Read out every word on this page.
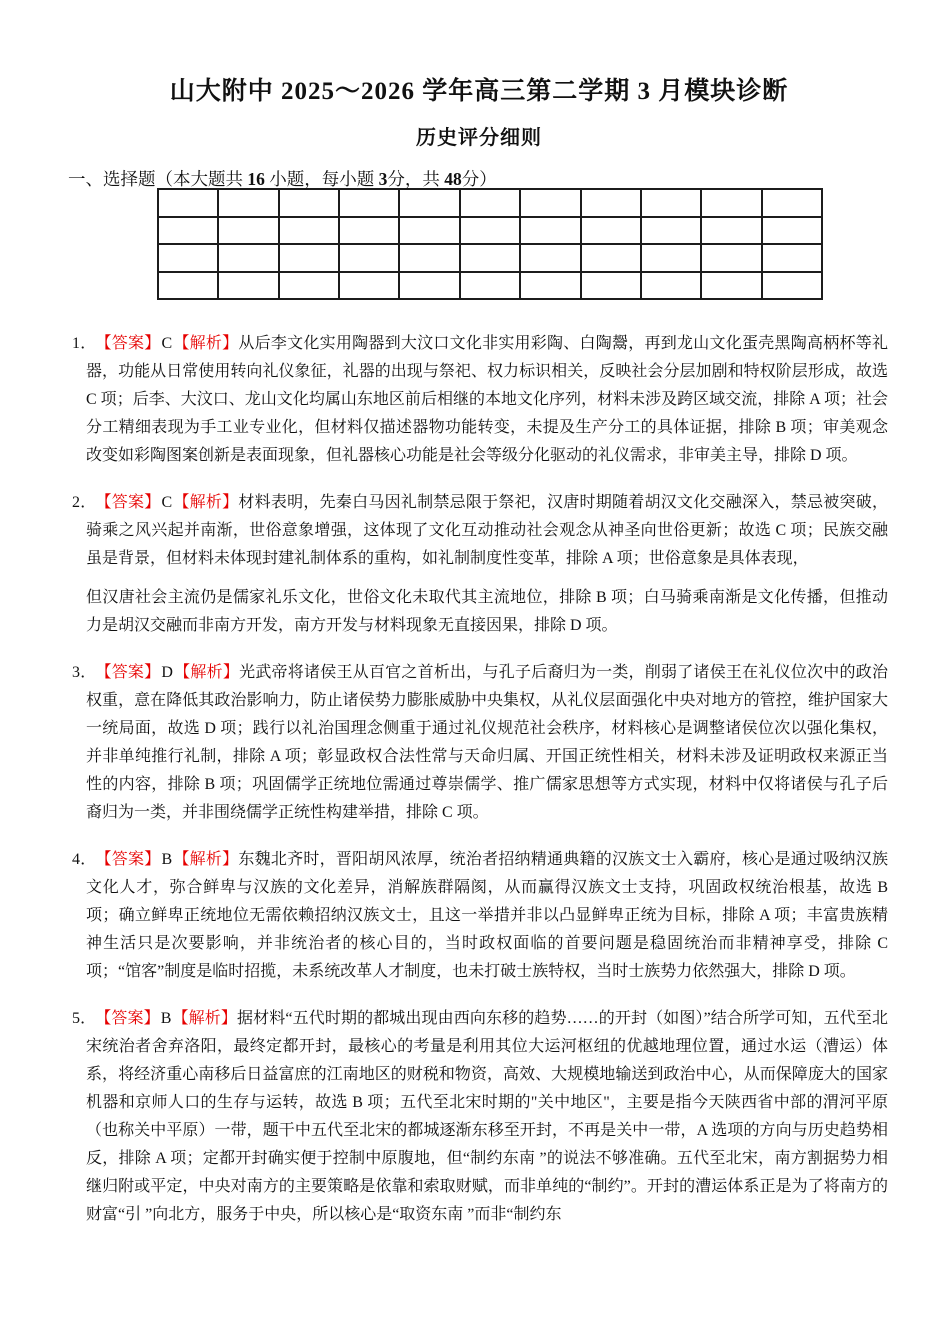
山大附中 2025～2026 学年高三第二学期 3 月模块诊断
历史评分细则
一、选择题（本大题共 16 小题，每小题 3分，共 48分）

1． 【答案】C【解析】从后李文化实用陶器到大汶口文化非实用彩陶、白陶鬶，再到龙山文化蛋壳黑陶高柄杯等礼器，功能从日常使用转向礼仪象征，礼器的出现与祭祀、权力标识相关，反映社会分层加剧和特权阶层形成，故选 C 项；后李、大汶口、龙山文化均属山东地区前后相继的本地文化序列，材料未涉及跨区域交流，排除 A 项；社会分工精细表现为手工业专业化，但材料仅描述器物功能转变，未提及生产分工的具体证据，排除 B 项；审美观念改变如彩陶图案创新是表面现象，但礼器核心功能是社会等级分化驱动的礼仪需求，非审美主导，排除 D 项。

2． 【答案】C【解析】材料表明，先秦白马因礼制禁忌限于祭祀，汉唐时期随着胡汉文化交融深入，禁忌被突破，骑乘之风兴起并南渐，世俗意象增强，这体现了文化互动推动社会观念从神圣向世俗更新；故选 C 项；民族交融虽是背景，但材料未体现封建礼制体系的重构，如礼制制度性变革，排除 A 项；世俗意象是具体表现，

但汉唐社会主流仍是儒家礼乐文化，世俗文化未取代其主流地位，排除 B 项；白马骑乘南渐是文化传播，但推动力是胡汉交融而非南方开发，南方开发与材料现象无直接因果，排除 D 项。

3． 【答案】D【解析】光武帝将诸侯王从百官之首析出，与孔子后裔归为一类，削弱了诸侯王在礼仪位次中的政治权重，意在降低其政治影响力，防止诸侯势力膨胀威胁中央集权，从礼仪层面强化中央对地方的管控，维护国家大一统局面，故选 D 项；践行以礼治国理念侧重于通过礼仪规范社会秩序，材料核心是调整诸侯位次以强化集权，并非单纯推行礼制，排除 A 项；彰显政权合法性常与天命归属、开国正统性相关，材料未涉及证明政权来源正当性的内容，排除 B 项；巩固儒学正统地位需通过尊崇儒学、推广儒家思想等方式实现，材料中仅将诸侯与孔子后裔归为一类，并非围绕儒学正统性构建举措，排除 C 项。

4． 【答案】B【解析】东魏北齐时，晋阳胡风浓厚，统治者招纳精通典籍的汉族文士入霸府，核心是通过吸纳汉族文化人才，弥合鲜卑与汉族的文化差异，消解族群隔阂，从而赢得汉族文士支持，巩固政权统治根基，故选 B 项；确立鲜卑正统地位无需依赖招纳汉族文士，且这一举措并非以凸显鲜卑正统为目标，排除 A 项；丰富贵族精神生活只是次要影响，并非统治者的核心目的，当时政权面临的首要问题是稳固统治而非精神享受，排除 C 项；“馆客”制度是临时招揽，未系统改革人才制度，也未打破士族特权，当时士族势力依然强大，排除 D 项。

5． 【答案】B【解析】据材料“五代时期的都城出现由西向东移的趋势……的开封（如图）”结合所学可知，五代至北宋统治者舍弃洛阳，最终定都开封，最核心的考量是利用其位大运河枢纽的优越地理位置，通过水运（漕运）体系，将经济重心南移后日益富庶的江南地区的财税和物资，高效、大规模地输送到政治中心，从而保障庞大的国家机器和京师人口的生存与运转，故选 B 项；五代至北宋时期的"关中地区"，主要是指今天陕西省中部的渭河平原（也称关中平原）一带，题干中五代至北宋的都城逐渐东移至开封，不再是关中一带，A 选项的方向与历史趋势相反，排除 A 项；定都开封确实便于控制中原腹地，但“制约东南 ”的说法不够准确。五代至北宋，南方割据势力相继归附或平定，中央对南方的主要策略是依靠和索取财赋，而非单纯的“制约”。开封的漕运体系正是为了将南方的财富“引 ”向北方，服务于中央，所以核心是“取资东南 ”而非“制约东
